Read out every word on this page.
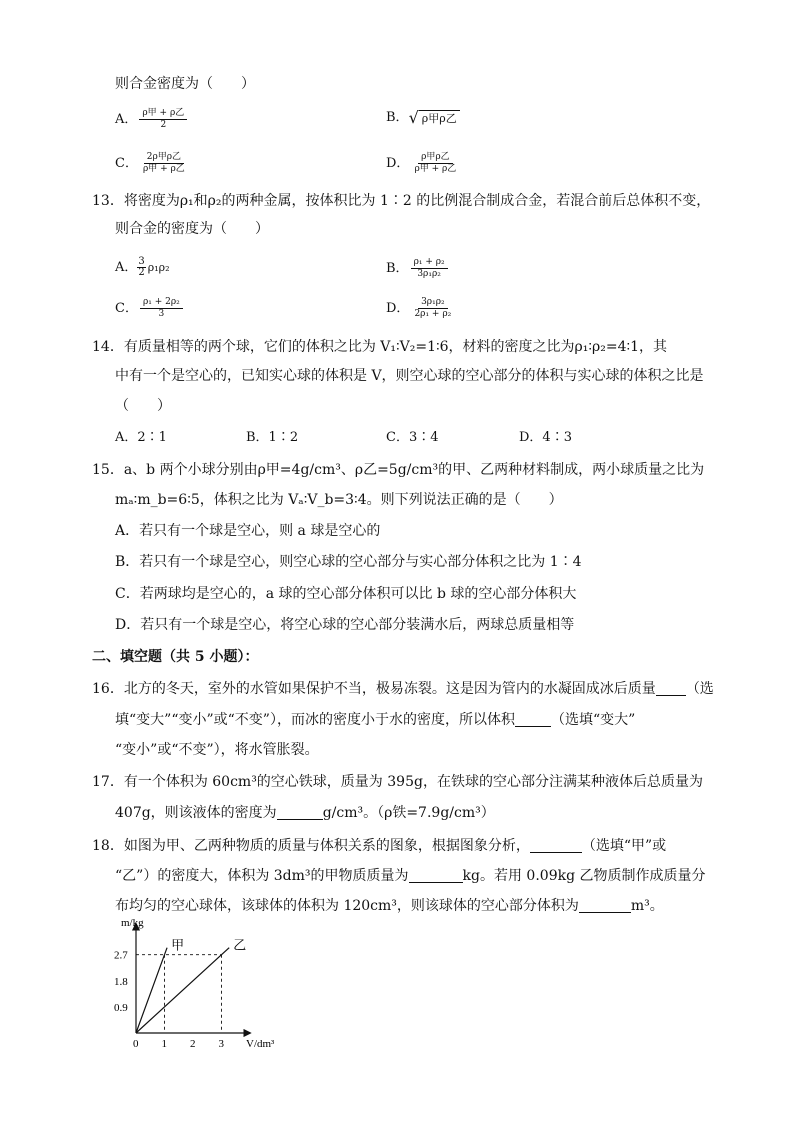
则合金密度为（　　）
A． $\frac{\text{ρ甲 + ρ乙}}{2}$	B． √ ρ甲ρ乙
C． $\frac{\text{2ρ甲ρ乙}}{\text{ρ甲 + ρ乙}}$	D． $\frac{\text{ρ甲ρ乙}}{\text{ρ甲 + ρ乙}}$
13．将密度为ρ₁和ρ₂的两种金属，按体积比为 1∶2 的比例混合制成合金，若混合前后总体积不变，
则合金的密度为（　　）
A． $\frac{3}{2} \rho_1\rho_2$	B． $\frac{\text{ρ₁ + ρ₂}}{\text{3ρ₁ρ₂}}$
C． $\frac{\text{ρ₁ + 2ρ₂}}{3}$	D． $\frac{\text{3ρ₁ρ₂}}{\text{2ρ₁ + ρ₂}}$
14．有质量相等的两个球，它们的体积之比为 V₁∶V₂=1∶6，材料的密度之比为ρ₁∶ρ₂=4∶1，其
中有一个是空心的，已知实心球的体积是 V，则空心球的空心部分的体积与实心球的体积之比是
（　　）
A．2∶1	B．1∶2	C．3∶4	D．4∶3
15．a、b 两个小球分别由ρ甲=4g/cm³、ρ乙=5g/cm³的甲、乙两种材料制成，两小球质量之比为
mₐ∶m_b=6∶5，体积之比为 Vₐ∶V_b=3∶4。则下列说法正确的是（　　）
A．若只有一个球是空心，则 a 球是空心的
B．若只有一个球是空心，则空心球的空心部分与实心部分体积之比为 1∶4
C．若两球均是空心的，a 球的空心部分体积可以比 b 球的空心部分体积大
D．若只有一个球是空心，将空心球的空心部分装满水后，两球总质量相等
二、填空题（共 5 小题）：
16．北方的冬天，室外的水管如果保护不当，极易冻裂。这是因为管内的水凝固成冰后质量 （选
填“变大”“变小”或“不变”），而冰的密度小于水的密度，所以体积	（选填“变大”
“变小”或“不变”），将水管胀裂。
17．有一个体积为 60cm³的空心铁球，质量为 395g，在铁球的空心部分注满某种液体后总质量为
407g，则该液体的密度为	g/cm³。（ρ铁=7.9g/cm³）
18．如图为甲、乙两种物质的质量与体积关系的图象，根据图象分析，	（选填“甲”或
“乙”）的密度大，体积为 3dm³的甲物质质量为	kg。若用 0.09kg 乙物质制作成质量分
布均匀的空心球体，该球体的体积为 120cm³，则该球体的空心部分体积为	m³。
m/kg
V/dm³
0 1 2 3
0.9
1.8
2.7
甲	乙
